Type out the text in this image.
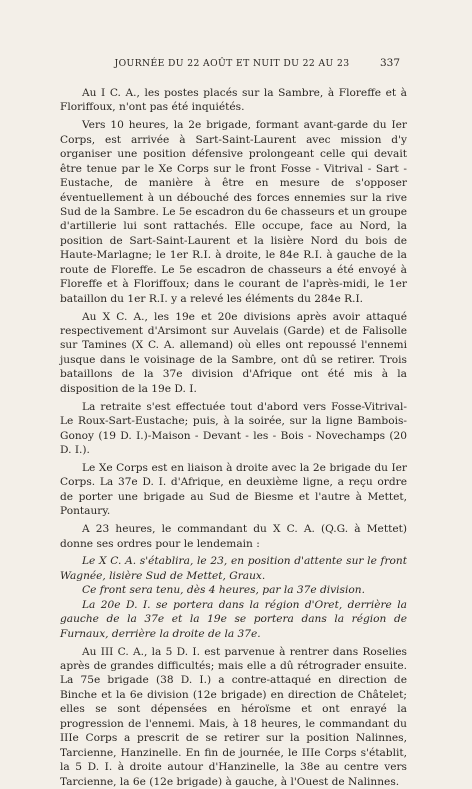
JOURNÉE DU 22 AOÛT ET NUIT DU 22 AU 23	337

Au I C. A., les postes placés sur la Sambre, à Floreffe et à Floriffoux, n'ont pas été inquiétés.

Vers 10 heures, la 2e brigade, formant avant-garde du Ier Corps, est arrivée à Sart-Saint-Laurent avec mission d'y organiser une position défensive prolongeant celle qui devait être tenue par le Xe Corps sur le front Fosse - Vitrival - Sart - Eustache, de manière à être en mesure de s'opposer éventuellement à un débouché des forces ennemies sur la rive Sud de la Sambre. Le 5e escadron du 6e chasseurs et un groupe d'artillerie lui sont rattachés. Elle occupe, face au Nord, la position de Sart-Saint-Laurent et la lisière Nord du bois de Haute-Marlagne; le 1er R.I. à droite, le 84e R.I. à gauche de la route de Floreffe. Le 5e escadron de chasseurs a été envoyé à Floreffe et à Floriffoux; dans le courant de l'après-midi, le 1er bataillon du 1er R.I. y a relevé les éléments du 284e R.I.

Au X C. A., les 19e et 20e divisions après avoir attaqué respectivement d'Arsimont sur Auvelais (Garde) et de Falisolle sur Tamines (X C. A. allemand) où elles ont repoussé l'ennemi jusque dans le voisinage de la Sambre, ont dû se retirer. Trois bataillons de la 37e division d'Afrique ont été mis à la disposition de la 19e D. I.

La retraite s'est effectuée tout d'abord vers Fosse-Vitrival-Le Roux-Sart-Eustache; puis, à la soirée, sur la ligne Bambois-Gonoy (19 D. I.)-Maison - Devant - les - Bois - Novechamps (20 D. I.).

Le Xe Corps est en liaison à droite avec la 2e brigade du Ier Corps. La 37e D. I. d'Afrique, en deuxième ligne, a reçu ordre de porter une brigade au Sud de Biesme et l'autre à Mettet, Pontaury.

A 23 heures, le commandant du X C. A. (Q.G. à Mettet) donne ses ordres pour le lendemain :

Le X C. A. s'établira, le 23, en position d'attente sur le front Wagnée, lisière Sud de Mettet, Graux.

Ce front sera tenu, dès 4 heures, par la 37e division.

La 20e D. I. se portera dans la région d'Oret, derrière la gauche de la 37e et la 19e se portera dans la région de Furnaux, derrière la droite de la 37e.

Au III C. A., la 5 D. I. est parvenue à rentrer dans Roselies après de grandes difficultés; mais elle a dû rétrograder ensuite. La 75e brigade (38 D. I.) a contre-attaqué en direction de Binche et la 6e division (12e brigade) en direction de Châtelet; elles se sont dépensées en héroïsme et ont enrayé la progression de l'ennemi. Mais, à 18 heures, le commandant du IIIe Corps a prescrit de se retirer sur la position Nalinnes, Tarcienne, Hanzinelle. En fin de journée, le IIIe Corps s'établit, la 5 D. I. à droite autour d'Hanzinelle, la 38e au centre vers Tarcienne, la 6e (12e brigade) à gauche, à l'Ouest de Nalinnes.
